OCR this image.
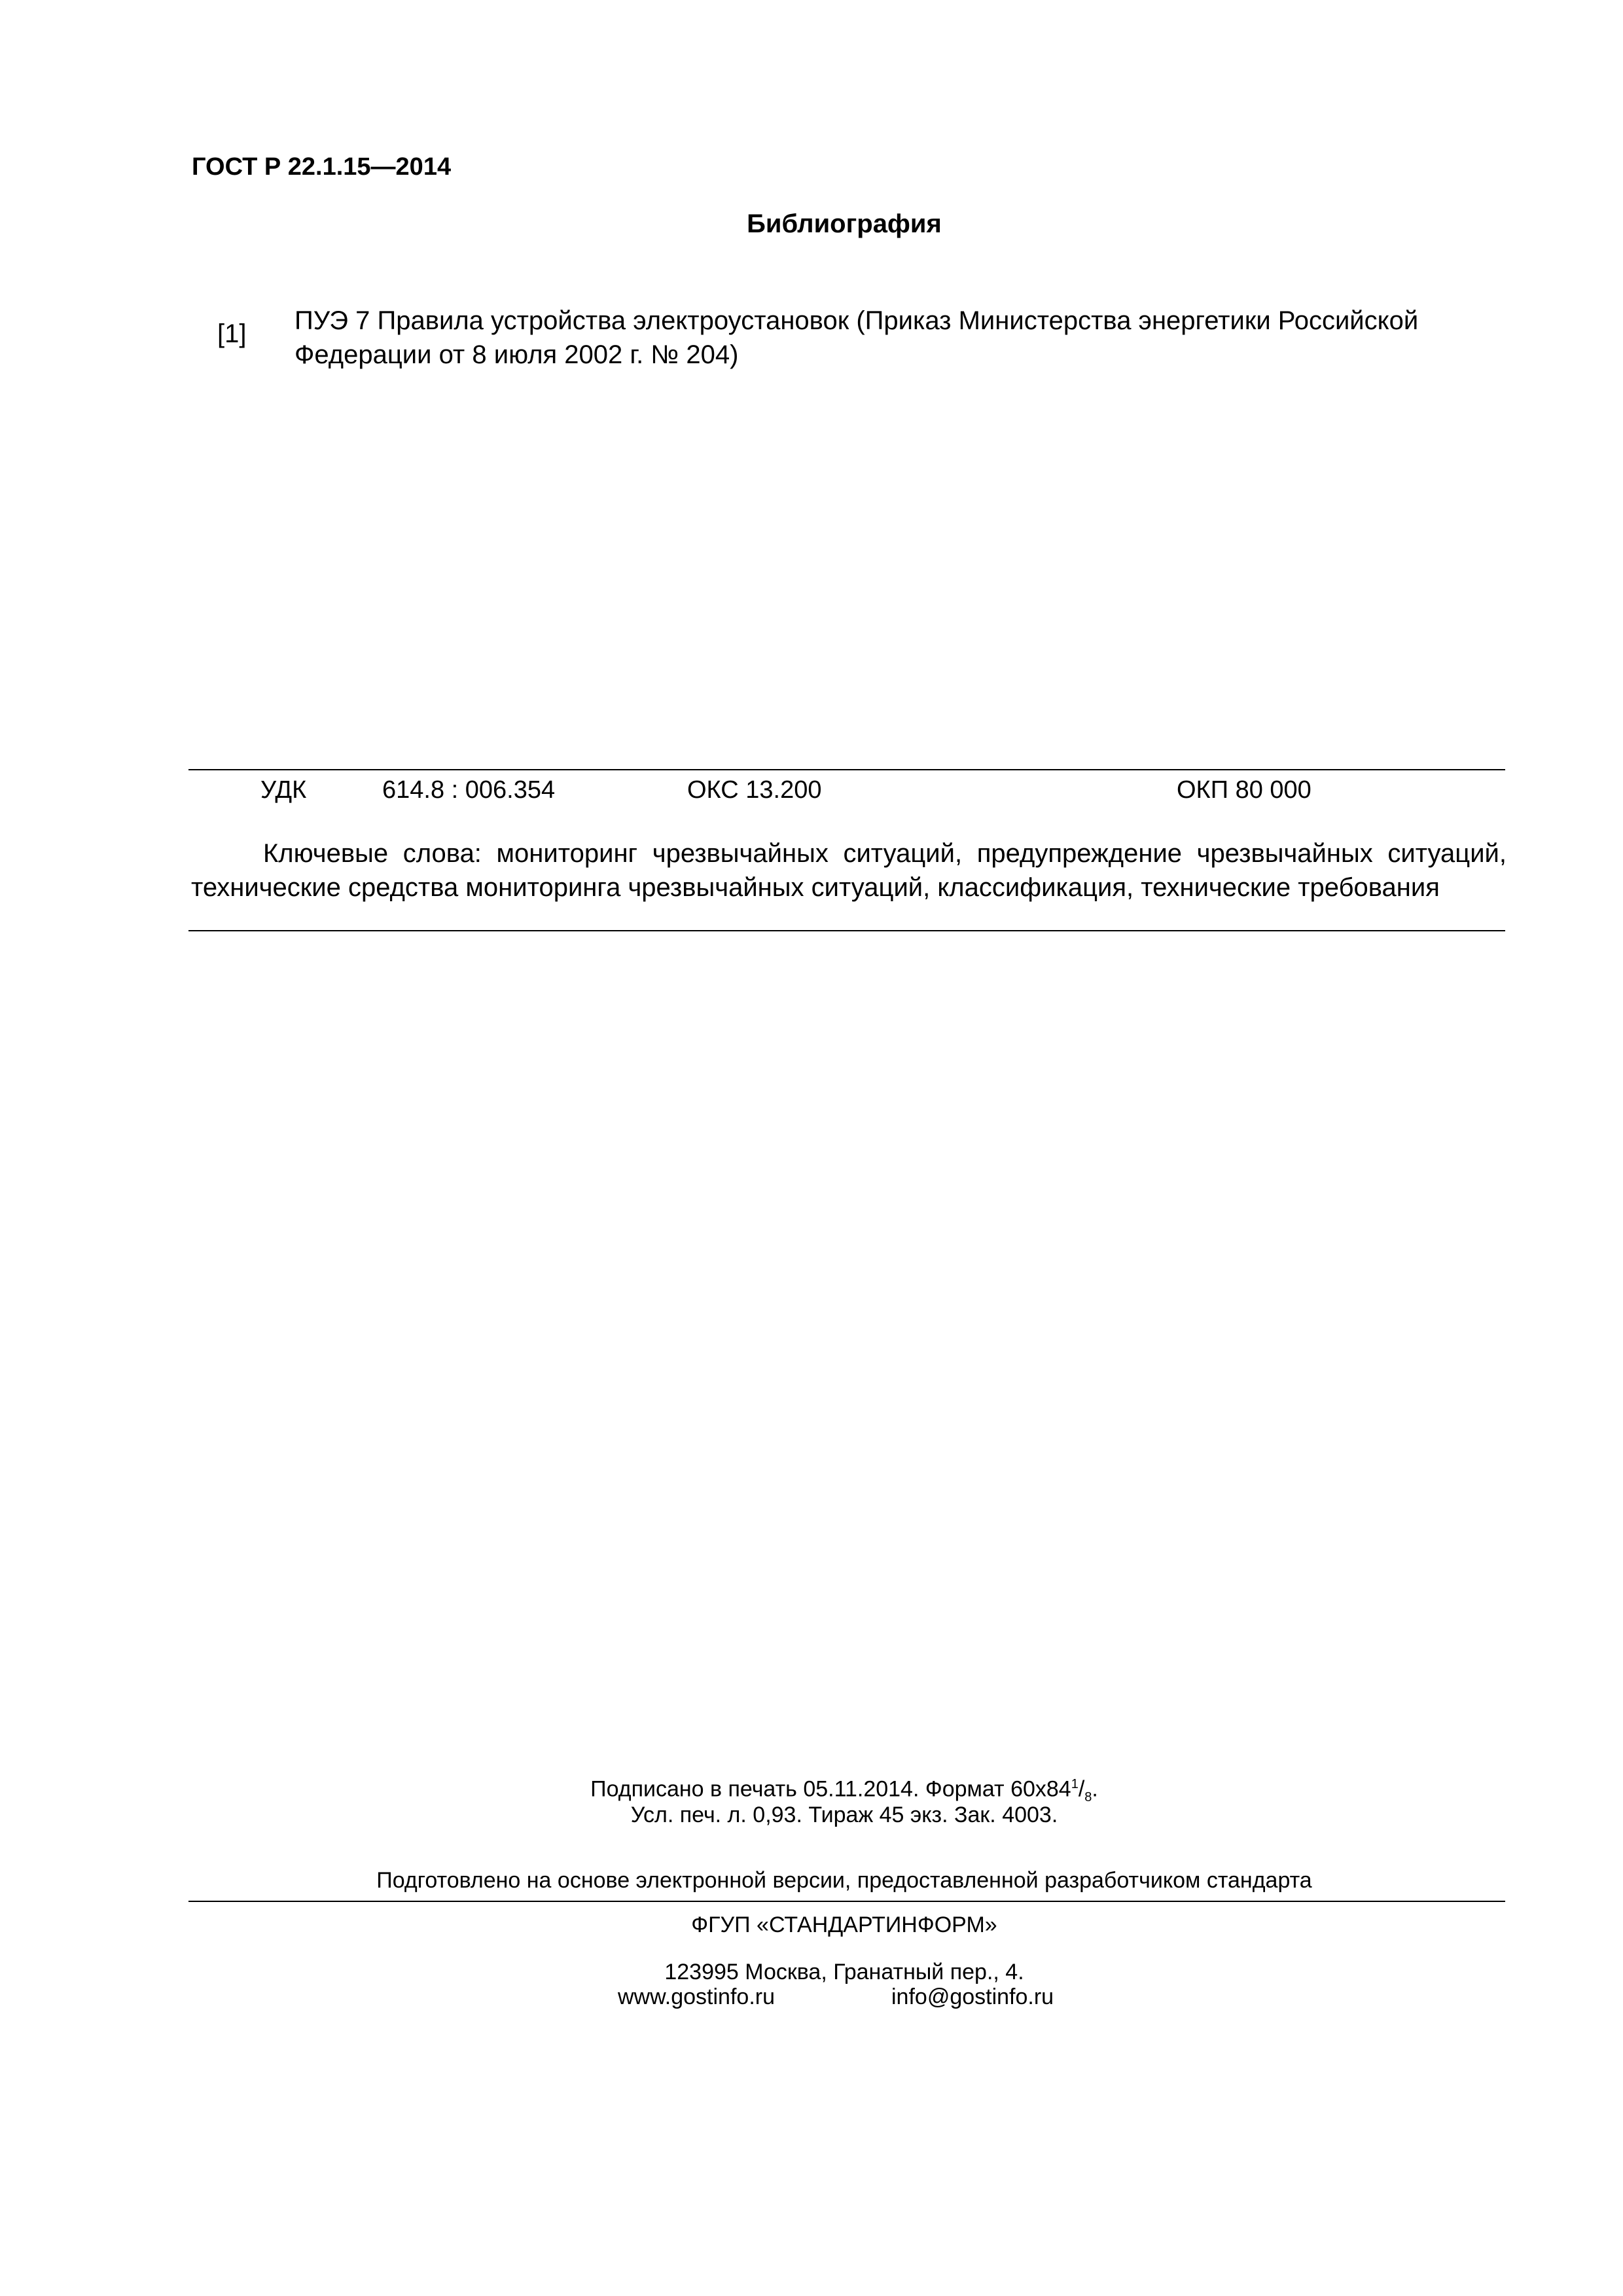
ГОСТ Р 22.1.15—2014
Библиография
[1] ПУЭ 7 Правила устройства электроустановок (Приказ Министерства энергетики Российской
Федерации от 8 июля 2002 г. № 204)
УДК	614.8 : 006.354	ОКС 13.200	ОКП 80 000
Ключевые слова: мониторинг чрезвычайных ситуаций, предупреждение чрезвычайных ситуаций, технические средства мониторинга чрезвычайных ситуаций, классификация, технические требования
Подписано в печать 05.11.2014. Формат $60x84^1/_8$.
Усл. печ. л. 0,93. Тираж 45 экз. Зак. 4003.
Подготовлено на основе электронной версии, предоставленной разработчиком стандарта
ФГУП «СТАНДАРТИНФОРМ»
123995 Москва, Гранатный пер., 4.
www.gostinfo.ru	info@gostinfo.ru
